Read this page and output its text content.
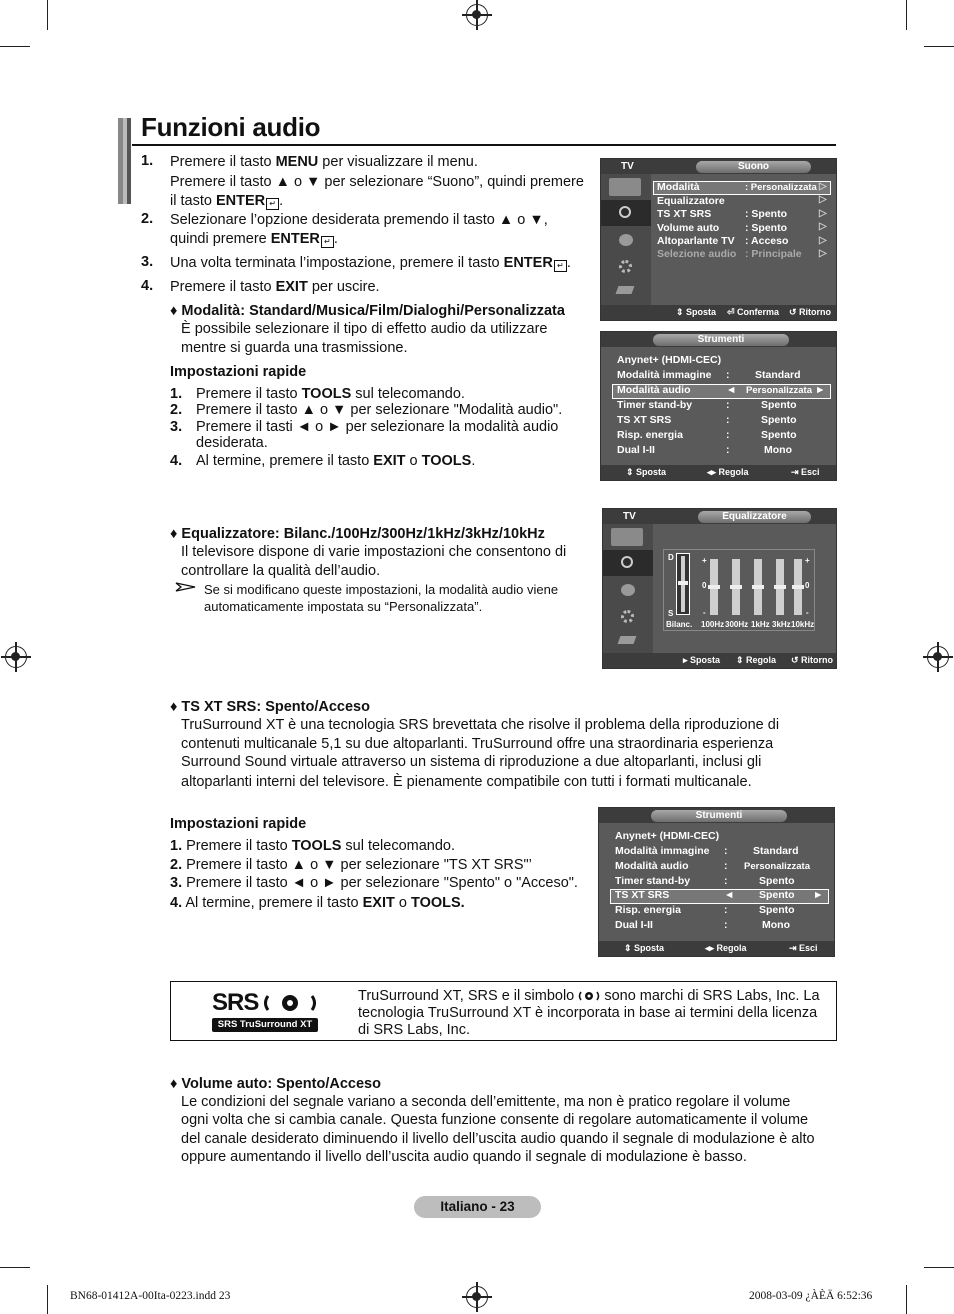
Funzioni audio
1. Premere il tasto MENU per visualizzare il menu.
Premere il tasto ▲ o ▼ per selezionare “Suono”, quindi premere
il tasto ENTER ↵ .
2. Selezionare l’opzione desiderata premendo il tasto ▲ o ▼,
quindi premere ENTER ↵ .
3. Una volta terminata l’impostazione, premere il tasto ENTER ↵ .
4. Premere il tasto EXIT per uscire.
♦ Modalità: Standard/Musica/Film/Dialoghi/Personalizzata
È possibile selezionare il tipo di effetto audio da utilizzare
mentre si guarda una trasmissione.
Impostazioni rapide
1. Premere il tasto TOOLS sul telecomando.
2. Premere il tasto ▲ o ▼ per selezionare "Modalità audio".
3. Premere il tasti ◄ o ► per selezionare la modalità audio
desiderata.
4. Al termine, premere il tasto EXIT o TOOLS.
♦ Equalizzatore: Bilanc./100Hz/300Hz/1kHz/3kHz/10kHz
Il televisore dispone di varie impostazioni che consentono di
controllare la qualità dell’audio.
Se si modificano queste impostazioni, la modalità audio viene
automaticamente impostata su “Personalizzata”.
♦ TS XT SRS: Spento/Acceso
TruSurround XT è una tecnologia SRS brevettata che risolve il problema della riproduzione di
contenuti multicanale 5,1 su due altoparlanti. TruSurround offre una straordinaria esperienza
Surround Sound virtuale attraverso un sistema di riproduzione a due altoparlanti, inclusi gli
altoparlanti interni del televisore. È pienamente compatibile con tutti i formati multicanale.
Impostazioni rapide
1. Premere il tasto TOOLS sul telecomando.
2. Premere il tasto ▲ o ▼ per selezionare "TS XT SRS"’
3. Premere il tasto ◄ o ► per selezionare "Spento" o "Acceso".
4. Al termine, premere il tasto EXIT o TOOLS.
SRS
SRS TruSurround XT
TruSurround XT, SRS e il simbolo sono marchi di SRS Labs, Inc. La
tecnologia TruSurround XT è incorporata in base ai termini della licenza
di SRS Labs, Inc.
♦ Volume auto: Spento/Acceso
Le condizioni del segnale variano a seconda dell’emittente, ma non è pratico regolare il volume
ogni volta che si cambia canale. Questa funzione consente di regolare automaticamente il volume
del canale desiderato diminuendo il livello dell’uscita audio quando il segnale di modulazione è alto
oppure aumentando il livello dell’uscita audio quando il segnale di modulazione è basso.
TV	Suono
Modalità	: Personalizzata
Equalizzatore
TS XT SRS	: Spento
Volume auto : Spento
Altoparlante TV : Acceso
Selezione audio : Principale
▷
▷
▷
▷
▷
▷
⇕ Sposta ⏎ Conferma ↺ Ritorno
Strumenti
Anynet+ (HDMI-CEC)
Modalità immagine : Standard
Modalità audio	◄ Personalizzata ►
Timer stand-by	:	Spento
TS XT SRS	:	Spento
Risp. energia	:	Spento
Dual I-II	:	Mono
⇕ Sposta	◂▸ Regola	⇥ Esci
TV	Equalizzatore
D
S
+
0
-
+
0
-
Bilanc. 100Hz 300Hz 1kHz 3kHz 10kHz
▸ Sposta ⇕ Regola ↺ Ritorno
Strumenti
Anynet+ (HDMI-CEC)
Modalità immagine : Standard
Modalità audio	: Personalizzata
Timer stand-by	:	Spento
TS XT SRS	◄ Spento ►
Risp. energia	:	Spento
Dual I-II	:	Mono
⇕ Sposta	◂▸ Regola	⇥ Esci
Italiano - 23
BN68-01412A-00Ita-0223.indd 23	2008-03-09 ¿ÀÈÄ 6:52:36
